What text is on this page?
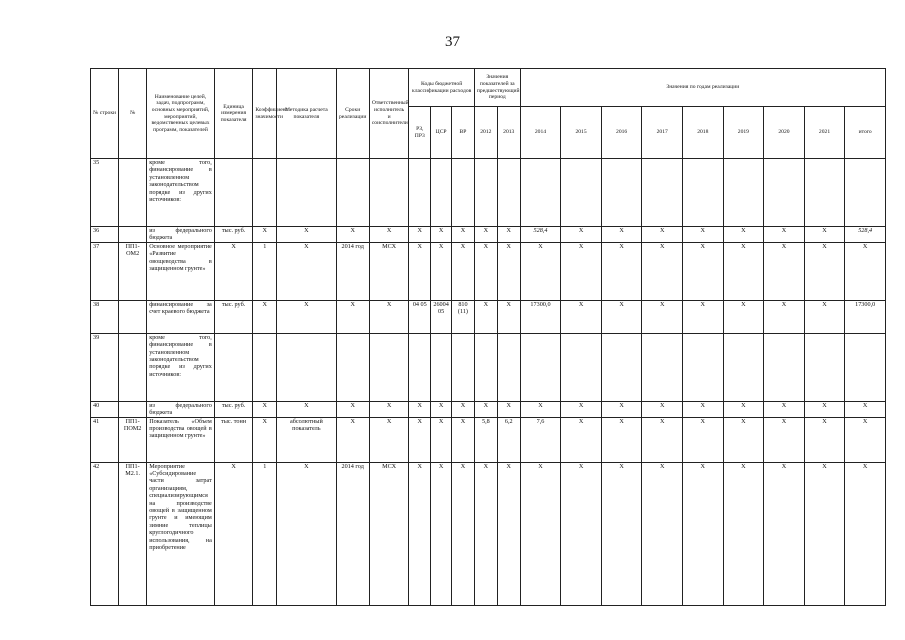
37
№ строки	№	Наименование целей, задач, подпрограмм, основных мероприятий, мероприятий, ведомственных целевых программ, показателей	Единица измерения показателя	Коэффициент значимости	Методика расчета показателя	Сроки реализации	Ответственный исполнитель и соисполнители	Коды бюджетной классификации расходов			Значения показателей за предшествующий период		Значения по годам реализации								
								РЗ, ПР3	ЦСР	ВР	2012	2013	2014	2015	2016	2017	2018	2019	2020	2021	итого
35		кроме того, финансирование в установленном законодательством порядке из других источников:																			
36		из федерального бюджета	тыс. руб.	Х	Х	Х	Х	Х	Х	Х	Х	Х	528,4	Х	Х	Х	Х	Х	Х	Х	528,4
37	ПП1-ОМ2	Основное мероприятие «Развитие овощеводства в защищенном грунте»	Х	1	Х	2014 год	МСХ	Х	Х	Х	Х	Х	Х	Х	Х	Х	Х	Х	Х	Х	Х
38		финансирование за счет краевого бюджета	тыс. руб.	Х	Х	Х	Х	04 05	26004 05	810 (11)	Х	Х	17300,0	Х	Х	Х	Х	Х	Х	Х	17300,0
39		кроме того, финансирование в установленном законодательством порядке из других источников:																			
40		из федерального бюджета	тыс. руб.	Х	Х	Х	Х	Х	Х	Х	Х	Х	Х	Х	Х	Х	Х	Х	Х	Х	Х
41	ПП1-ПОМ2	Показатель «Объем производства овощей в защищенном грунте»	тыс. тонн	Х	абсолютный показатель	Х	Х	Х	Х	Х	5,8	6,2	7,6	Х	Х	Х	Х	Х	Х	Х	Х
42	ПП1-М2.1.	Мероприятие «Субсидирование части затрат организациям, специализирующимся на производстве овощей в защищенном грунте и имеющим зимние теплицы круглогодичного использования, на приобретение	Х	1	Х	2014 год	МСХ	Х	Х	Х	Х	Х	Х	Х	Х	Х	Х	Х	Х	Х	Х
